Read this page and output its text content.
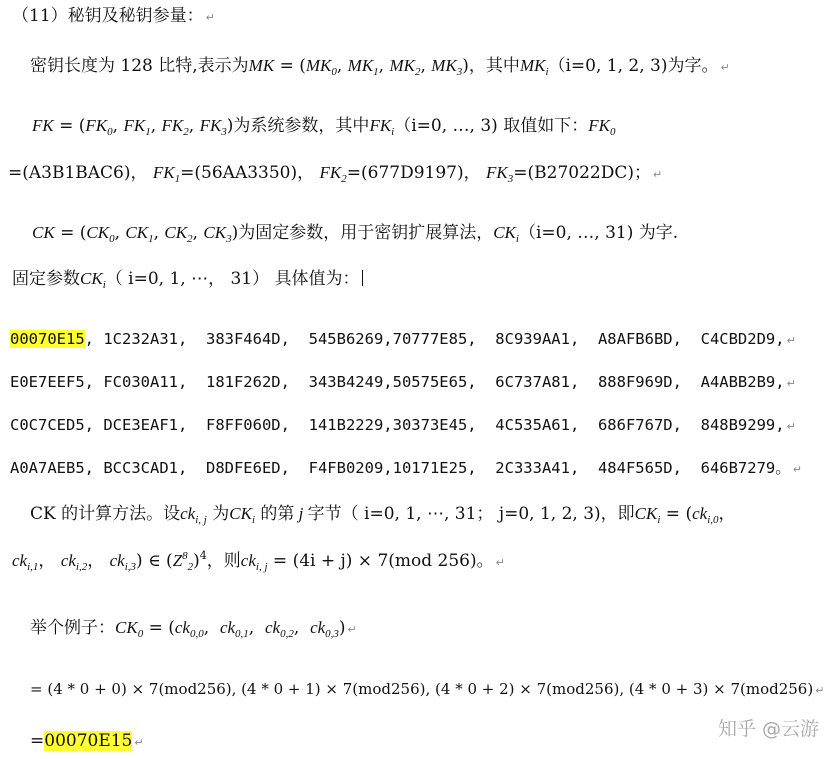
（11）秘钥及秘钥参量： ↵
密钥长度为 128 比特,表示为MK = ($MK_0$, $MK_1$, $MK_2$, $MK_3$)，其中$MK_i(i=0$, 1, 2, 3)为字。 ↵
FK = ($FK_0$, $FK_1$, $FK_2$, $FK_3$)为系统参数，其中$FK_i(i=0$, …, 3) 取值如下：$FK_0$
=(A3B1BAC6)， $FK_1=(56AA3350)$， $FK_2=(677D9197)$， $FK_3=(B27022DC)$； ↵
CK = ($CK_0$, $CK_1$, $CK_2$, $CK_3$)为固定参数，用于密钥扩展算法，$CK_i(i=0$, …, 31) 为字.
固定参数$CK_i$（ i=0, 1, ⋯， 31） 具体值为：
00070E15, 1C232A31,  383F464D,  545B6269,70777E85,  8C939AA1,  A8AFB6BD,  C4CBD2D9, ↵
E0E7EEF5, FC030A11,  181F262D,  343B4249,50575E65,  6C737A81,  888F969D,  A4ABB2B9, ↵
C0C7CED5, DCE3EAF1,  F8FF060D,  141B2229,30373E45,  4C535A61,  686F767D,  848B9299, ↵
A0A7AEB5, BCC3CAD1,  D8DFE6ED,  F4FB0209,10171E25,  2C333A41,  484F565D,  646B7279。 ↵
CK 的计算方法。设$ck_{i, j}$ 为$CK_i$ 的第 j 字节（ i=0, 1, ⋯, 31； j=0, 1, 2, 3)，即$CK_i = (ck_{i,0}$，
$ck_{i,1}$， $ck_{i,2}$， $ck_{i,3}$) ∈ $(Z^8_2)^4$，则$ck_{i, j} = (4i + j) \times 7(mod$ 256)。 ↵
举个例子：$CK_0 = (ck_{0,0}$,  $ck_{0,1}$,  $ck_{0,2}$,  $ck_{0,3}$) ↵
= (4 * 0 + 0) × 7(mod256), (4 * 0 + 1) × 7(mod256), (4 * 0 + 2) × 7(mod256), (4 * 0 + 3) × 7(mod256) ↵
=00070E15 ↵
知乎 @云游
